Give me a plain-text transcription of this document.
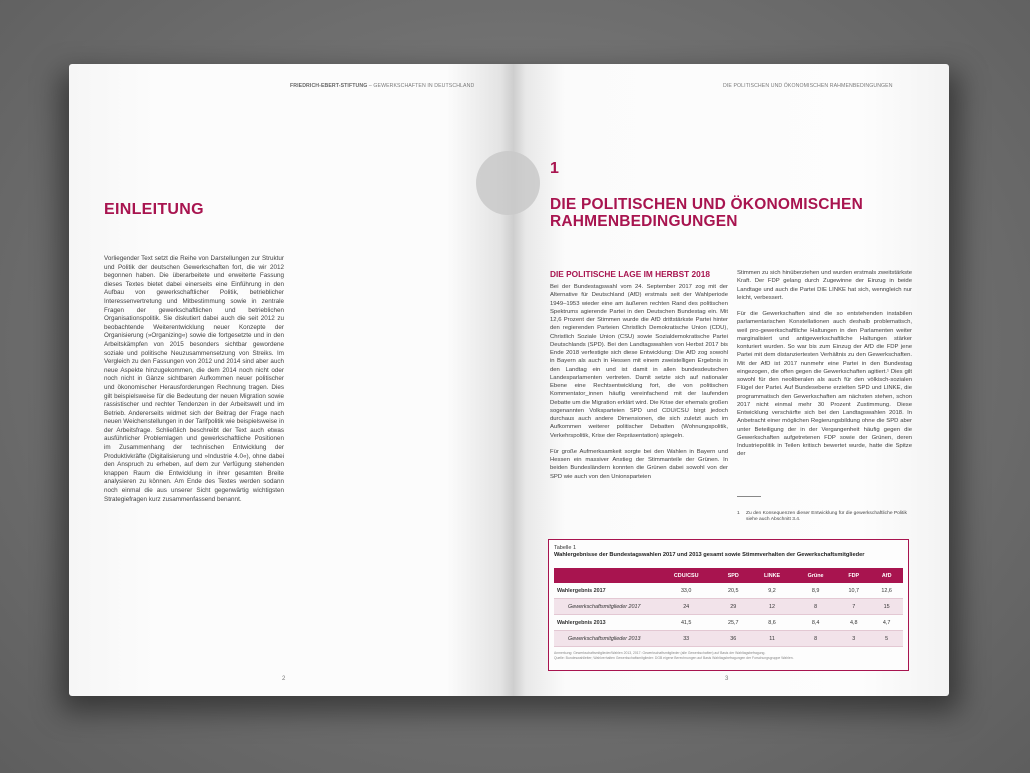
FRIEDRICH-EBERT-STIFTUNG – GEWERKSCHAFTEN IN DEUTSCHLAND
EINLEITUNG

Vorliegender Text setzt die Reihe von Darstellungen zur Struktur und Politik der deutschen Gewerkschaften fort, die wir 2012 begonnen haben. Die überarbeitete und erweiterte Fassung dieses Textes bietet dabei einerseits eine Einführung in den Aufbau von gewerkschaftlicher Politik, betrieblicher Interessenvertretung und Mitbestimmung sowie in zentrale Fragen der gewerkschaftlichen und betrieblichen Organisationspolitik. Sie diskutiert dabei auch die seit 2012 zu beobachtende Weiterentwicklung neuer Konzepte der Organisierung (»Organizing«) sowie die fortgesetzte und in den Arbeitskämpfen von 2015 besonders sichtbar gewordene soziale und politische Neuzusammensetzung von Streiks. Im Vergleich zu den Fassungen von 2012 und 2014 sind aber auch neue Aspekte hinzugekommen, die dem 2014 noch nicht oder noch nicht in Gänze sichtbaren Aufkommen neuer politischer und ökonomischer Herausforderungen Rechnung tragen. Dies gilt beispielsweise für die Bedeutung der neuen Migration sowie rassistischer und rechter Tendenzen in der Arbeitswelt und im Betrieb. Andererseits widmet sich der Beitrag der Frage nach neuen Weichenstellungen in der Tarifpolitik wie beispielsweise in der Arbeitsfrage. Schließlich beschreibt der Text auch etwas ausführlicher Problemlagen und gewerkschaftliche Positionen im Zusammenhang der technischen Entwicklung der Produktivkräfte (Digitalisierung und »Industrie 4.0«), ohne dabei den Anspruch zu erheben, auf dem zur Verfügung stehenden knappen Raum die Entwicklung in ihrer gesamten Breite analysieren zu können. Am Ende des Textes werden sodann noch einmal die aus unserer Sicht gegenwärtig wichtigsten Strategiefragen kurz zusammenfassend benannt.

2
DIE POLITISCHEN UND ÖKONOMISCHEN RAHMENBEDINGUNGEN
1
DIE POLITISCHEN UND ÖKONOMISCHEN RAHMENBEDINGUNGEN
DIE POLITISCHE LAGE IM HERBST 2018

Bei der Bundestagswahl vom 24. September 2017 zog mit der Alternative für Deutschland (AfD) erstmals seit der Wahlperiode 1949–1953 wieder eine am äußeren rechten Rand des politischen Spektrums agierende Partei in den Deutschen Bundestag ein. Mit 12,6 Prozent der Stimmen wurde die AfD drittstärkste Partei hinter den regierenden Parteien Christlich Demokratische Union (CDU), Christlich Soziale Union (CSU) sowie Sozialdemokratische Partei Deutschlands (SPD). Bei den Landtagswahlen von Herbst 2017 bis Ende 2018 verfestigte sich diese Entwicklung: Die AfD zog sowohl in Bayern als auch in Hessen mit einem zweistelligen Ergebnis in den Landtag ein und ist damit in allen bundesdeutschen Landesparlamenten vertreten. Damit setzte sich auf nationaler Ebene eine Rechtsentwicklung fort, die von politischen Kommentator_innen häufig vereinfachend mit der laufenden Debatte um die Migration erklärt wird. Die Krise der ehemals großen sogenannten Volksparteien SPD und CDU/CSU birgt jedoch durchaus auch andere Dimensionen, die sich zuletzt auch im Aufkommen weiterer politischer Debatten (Wohnungspolitik, Verkehrspolitik, Krise der Repräsentation) spiegeln.

Für große Aufmerksamkeit sorgte bei den Wahlen in Bayern und Hessen ein massiver Anstieg der Stimmanteile der Grünen. In beiden Bundesländern konnten die Grünen dabei sowohl von der SPD wie auch von den Unionsparteien

Stimmen zu sich hinüberziehen und wurden erstmals zweitstärkste Kraft. Der FDP gelang durch Zugewinne der Einzug in beide Landtage und auch die Partei DIE LINKE hat sich, wenngleich nur leicht, verbessert.

Für die Gewerkschaften sind die so entstehenden instabilen parlamentarischen Konstellationen auch deshalb problematisch, weil pro-gewerkschaftliche Haltungen in den Parlamenten weiter marginalisiert und antigewerkschaftliche Haltungen stärker konturiert wurden. So war bis zum Einzug der AfD die FDP jene Partei mit dem distanziertesten Verhältnis zu den Gewerkschaften. Mit der AfD ist 2017 nunmehr eine Partei in den Bundestag eingezogen, die offen gegen die Gewerkschaften agitiert.¹ Dies gilt sowohl für den neoliberalen als auch für den völkisch-sozialen Flügel der Partei. Auf Bundesebene erzielten SPD und LINKE, die programmatisch den Gewerkschaften am nächsten stehen, schon 2017 nicht einmal mehr 30 Prozent Zustimmung. Diese Entwicklung verschärfte sich bei den Landtagswahlen 2018. In Anbetracht einer möglichen Regierungsbildung ohne die SPD aber unter Beteiligung der in der Vergangenheit häufig gegen die Gewerkschaften aufgetretenen FDP sowie der Grünen, deren Industriepolitik in Teilen kritisch bewertet wurde, hatte die Spitze der

1 Zu den Konsequenzen dieser Entwicklung für die gewerkschaftliche Politik siehe auch Abschnitt 3.4.
Tabelle 1
Wahlergebnisse der Bundestagswahlen 2017 und 2013 gesamt sowie Stimmverhalten der Gewerkschaftsmitglieder
	CDU/CSU	SPD	LINKE	Grüne	FDP	AfD
Wahlergebnis 2017	33,0	20,5	9,2	8,9	10,7	12,6
Gewerkschaftsmitglieder 2017	24	29	12	8	7	15
Wahlergebnis 2013	41,5	25,7	8,6	8,4	4,8	4,7
Gewerkschaftsmitglieder 2013	33	36	11	8	3	5
Anmerkung: Gewerkschaftsmitglieder/Wahlen 2013, 2017: Gewerkschaftsmitglieder (alle Gewerkschaften) auf Basis der Wahltagsbefragung.
Quelle: Bundeswahlleiter; Wahlverhalten Gewerkschaftsmitglieder: DGB eigene Berechnungen auf Basis Wahltagsbefragungen der Forschungsgruppe Wahlen.
3
